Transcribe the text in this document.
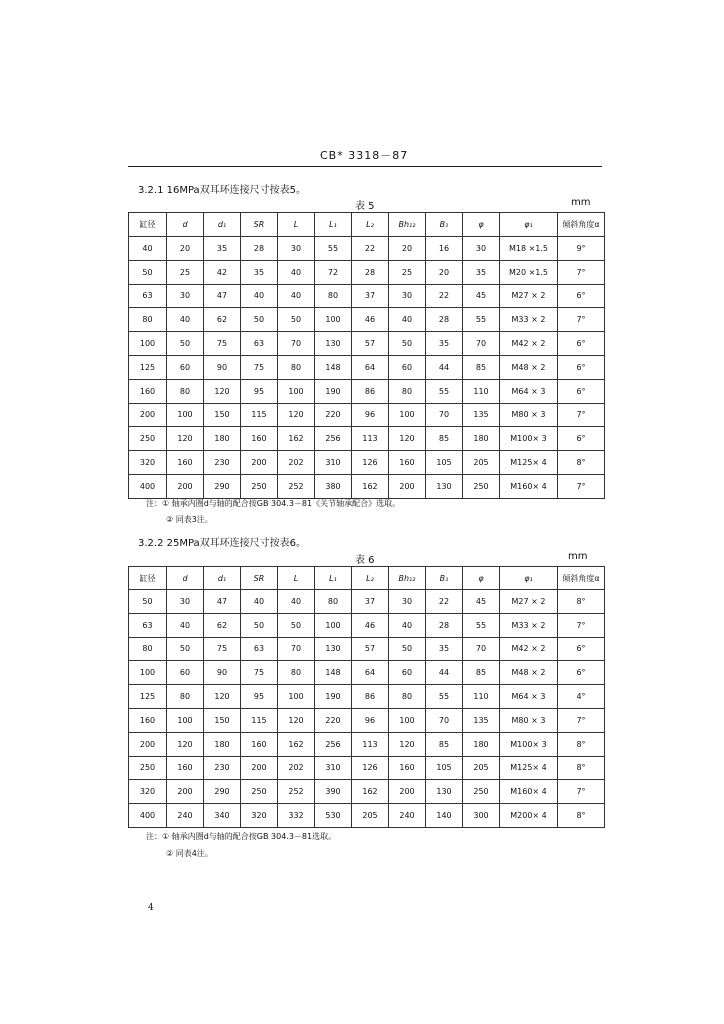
CB* 3318－87
3.2.1 16MPa双耳环连接尺寸按表5。
表 5	mm
缸径	d	d₁	SR	L	L₁	L₂	Bh₁₂	B₁	φ	φ₁	倾斜角度α
40	20	35	28	30	55	22	20	16	30	M18 ×1.5	9°
50	25	42	35	40	72	28	25	20	35	M20 ×1.5	7°
63	30	47	40	40	80	37	30	22	45	M27 × 2	6°
80	40	62	50	50	100	46	40	28	55	M33 × 2	7°
100	50	75	63	70	130	57	50	35	70	M42 × 2	6°
125	60	90	75	80	148	64	60	44	85	M48 × 2	6°
160	80	120	95	100	190	86	80	55	110	M64 × 3	6°
200	100	150	115	120	220	96	100	70	135	M80 × 3	7°
250	120	180	160	162	256	113	120	85	180	M100× 3	6°
320	160	230	200	202	310	126	160	105	205	M125× 4	8°
400	200	290	250	252	380	162	200	130	250	M160× 4	7°
注：① 轴承内圈d与轴的配合按GB 304.3－81《关节轴承配合》选取。
② 同表3注。
3.2.2 25MPa双耳环连接尺寸按表6。
表 6	mm
缸径	d	d₁	SR	L	L₁	L₂	Bh₁₂	B₁	φ	φ₁	倾斜角度α
50	30	47	40	40	80	37	30	22	45	M27 × 2	8°
63	40	62	50	50	100	46	40	28	55	M33 × 2	7°
80	50	75	63	70	130	57	50	35	70	M42 × 2	6°
100	60	90	75	80	148	64	60	44	85	M48 × 2	6°
125	80	120	95	100	190	86	80	55	110	M64 × 3	4°
160	100	150	115	120	220	96	100	70	135	M80 × 3	7°
200	120	180	160	162	256	113	120	85	180	M100× 3	8°
250	160	230	200	202	310	126	160	105	205	M125× 4	8°
320	200	290	250	252	390	162	200	130	250	M160× 4	7°
400	240	340	320	332	530	205	240	140	300	M200× 4	8°
注：① 轴承内圈d与轴的配合按GB 304.3－81选取。
② 同表4注。
4
